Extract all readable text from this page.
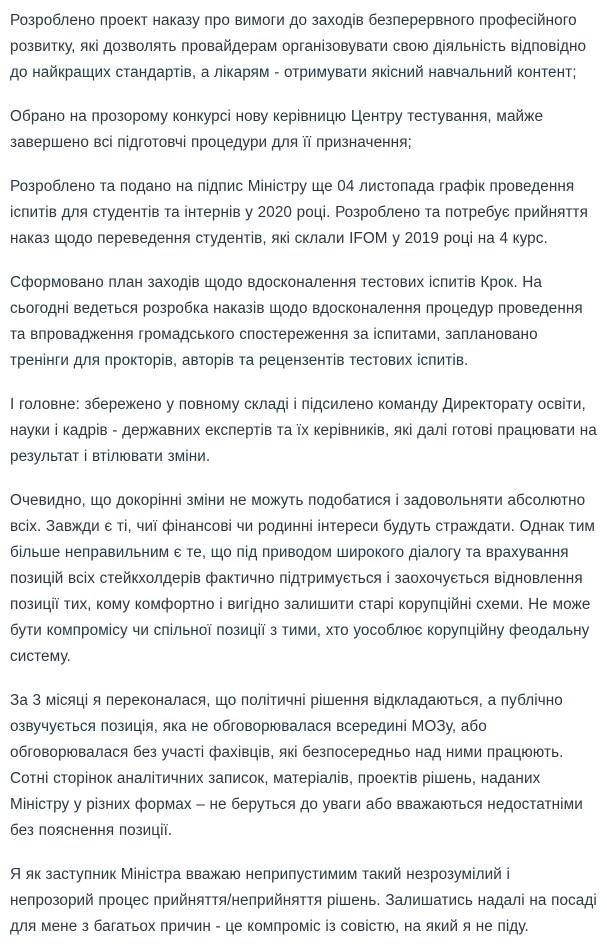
Розроблено проект наказу про вимоги до заходів безперервного професійного розвитку, які дозволять провайдерам організовувати свою діяльність відповідно до найкращих стандартів, а лікарям - отримувати якісний навчальний контент;

Обрано на прозорому конкурсі нову керівницю Центру тестування, майже завершено всі підготовчі процедури для її призначення;

Розроблено та подано на підпис Міністру ще 04 листопада графік проведення іспитів для студентів та інтернів у 2020 році. Розроблено та потребує прийняття наказ щодо переведення студентів, які склали IFOM у 2019 році на 4 курс.

Сформовано план заходів щодо вдосконалення тестових іспитів Крок. На сьогодні ведеться розробка наказів щодо вдосконалення процедур проведення та впровадження громадського спостереження за іспитами, заплановано тренінги для прокторів, авторів та рецензентів тестових іспитів.

І головне: збережено у повному складі і підсилено команду Директорату освіти, науки і кадрів - державних експертів та їх керівників, які далі готові працювати на результат і втілювати зміни.

Очевидно, що докорінні зміни не можуть подобатися і задовольняти абсолютно всіх. Завжди є ті, чиї фінансові чи родинні інтереси будуть страждати. Однак тим більше неправильним є те, що під приводом широкого діалогу та врахування позицій всіх стейкхолдерів фактично підтримується і заохочується відновлення позиції тих, кому комфортно і вигідно залишити старі корупційні схеми. Не може бути компромісу чи спільної позиції з тими, хто уособлює корупційну феодальну систему.

За 3 місяці я переконалася, що політичні рішення відкладаються, а публічно озвучується позиція, яка не обговорювалася всередині МОЗу, або обговорювалася без участі фахівців, які безпосередньо над ними працюють. Сотні сторінок аналітичних записок, матеріалів, проектів рішень, наданих Міністру у різних формах – не беруться до уваги або вважаються недостатніми без пояснення позиції.

Я як заступник Міністра вважаю неприпустимим такий незрозумілий і непрозорий процес прийняття/неприйняття рішень. Залишатись надалі на посаді для мене з багатьох причин - це компроміс із совістю, на який я не піду.
